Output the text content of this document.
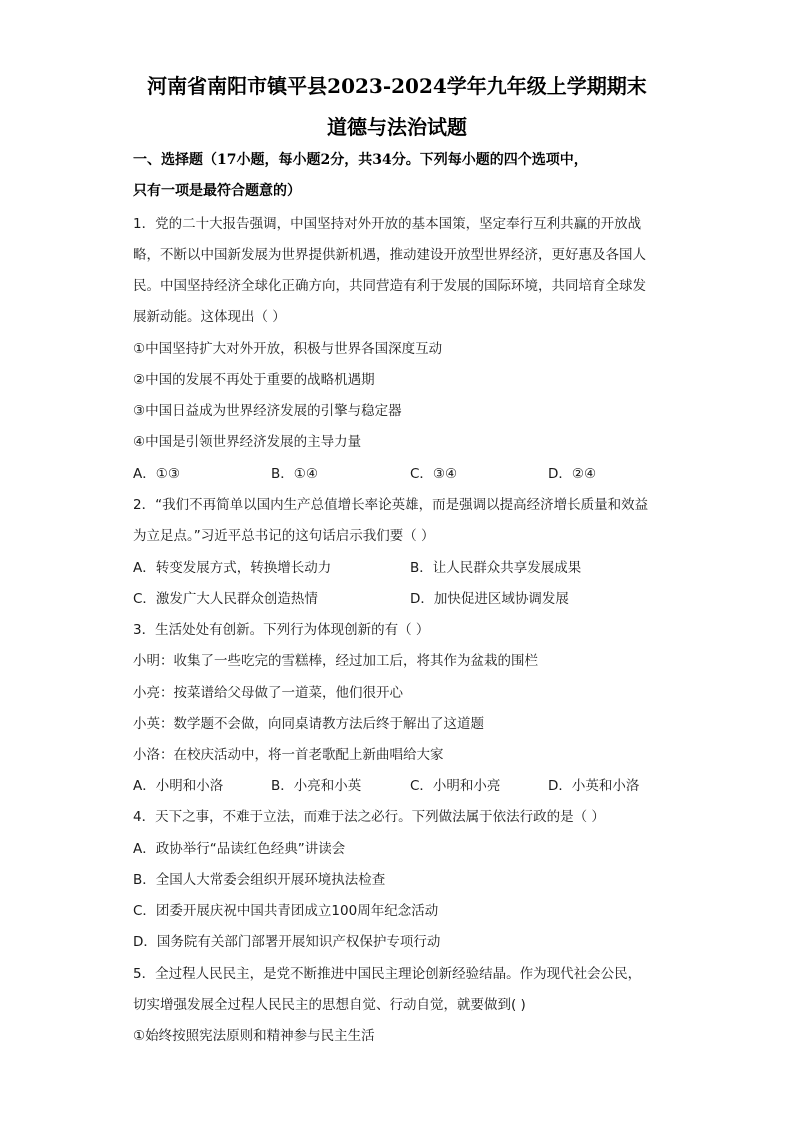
河南省南阳市镇平县2023-2024学年九年级上学期期末
道德与法治试题
一、选择题（17小题，每小题2分，共34分。下列每小题的四个选项中，
只有一项是最符合题意的）
1．党的二十大报告强调，中国坚持对外开放的基本国策，坚定奉行互利共赢的开放战
略，不断以中国新发展为世界提供新机遇，推动建设开放型世界经济，更好惠及各国人
民。中国坚持经济全球化正确方向，共同营造有利于发展的国际环境，共同培育全球发
展新动能。这体现出（ ）
①中国坚持扩大对外开放，积极与世界各国深度互动
②中国的发展不再处于重要的战略机遇期
③中国日益成为世界经济发展的引擎与稳定器
④中国是引领世界经济发展的主导力量
A．①③	B．①④	C．③④	D．②④
2．“我们不再简单以国内生产总值增长率论英雄，而是强调以提高经济增长质量和效益
为立足点。”习近平总书记的这句话启示我们要（ ）
A．转变发展方式，转换增长动力	B．让人民群众共享发展成果
C．激发广大人民群众创造热情	D．加快促进区域协调发展
3．生活处处有创新。下列行为体现创新的有（ ）
小明：收集了一些吃完的雪糕棒，经过加工后，将其作为盆栽的围栏
小亮：按菜谱给父母做了一道菜，他们很开心
小英：数学题不会做，向同桌请教方法后终于解出了这道题
小洛：在校庆活动中，将一首老歌配上新曲唱给大家
A．小明和小洛	B．小亮和小英	C．小明和小亮	D．小英和小洛
4．天下之事，不难于立法，而难于法之必行。下列做法属于依法行政的是（ ）
A．政协举行“品读红色经典”讲读会
B．全国人大常委会组织开展环境执法检查
C．团委开展庆祝中国共青团成立100周年纪念活动
D．国务院有关部门部署开展知识产权保护专项行动
5．全过程人民民主，是党不断推进中国民主理论创新经验结晶。作为现代社会公民，
切实增强发展全过程人民民主的思想自觉、行动自觉，就要做到( )
①始终按照宪法原则和精神参与民主生活
